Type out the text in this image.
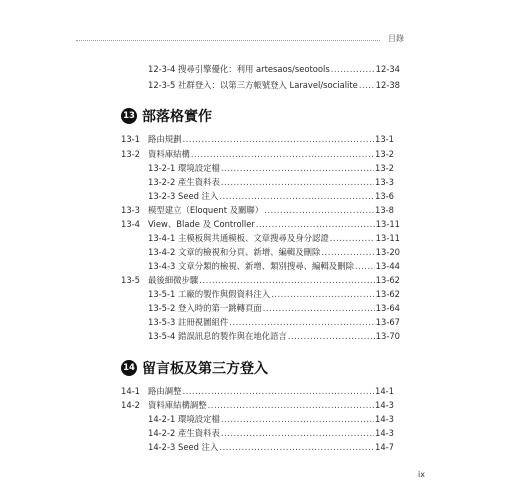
目錄
12-3-4 搜尋引擎優化：利用 artesaos/seotools .....	12-34
12-3-5 社群登入：以第三方帳號登入 Laravel/socialite ..... 12-38
13 部落格實作
13-1 路由規劃 .....	13-1
13-2 資料庫結構 .....	13-2
13-2-1 環境設定檔 .....	13-2
13-2-2 產生資料表 .....	13-3
13-2-3 Seed 注入 .....	13-6
13-3 模型建立（Eloquent 及關聯） .....	13-8
13-4 View、Blade 及 Controller .....	13-11
13-4-1 主模板與共通模板、文章搜尋及身分認證 .....	13-11
13-4-2 文章的檢視和分頁、新增、編輯及刪除 .....	13-20
13-4-3 文章分類的檢視、新增、類別搜尋、編輯及刪除 .....	13-44
13-5 最後細微步驟 .....	13-62
13-5-1 工廠的製作與假資料注入 .....	13-62
13-5-2 登入時的第一跳轉頁面 .....	13-64
13-5-3 註冊視圖組件 .....	13-67
13-5-4 錯誤訊息的製作與在地化語言 .....	13-70
14 留言板及第三方登入
14-1 路由調整 .....	14-1
14-2 資料庫結構調整 .....	14-3
14-2-1 環境設定檔 .....	14-3
14-2-2 產生資料表 .....	14-3
14-2-3 Seed 注入 .....	14-7
ix
